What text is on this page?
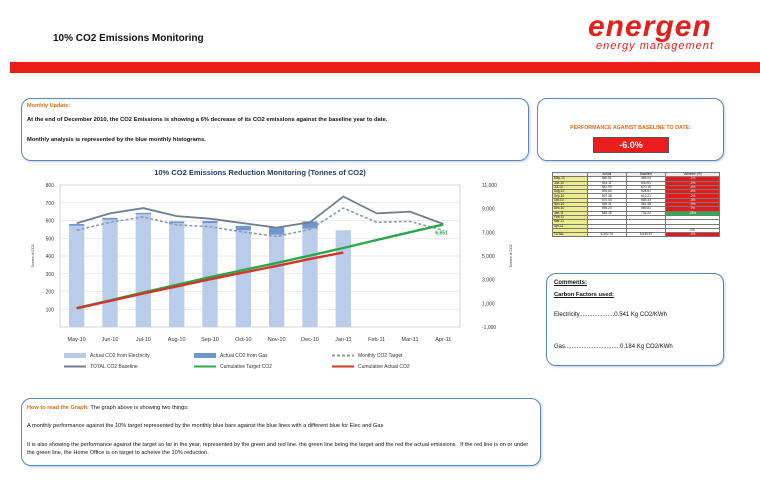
10% CO2 Emissions Monitoring	energen
energy management
Monthly Update:
At the end of December 2010, the CO2 Emissions is showing a 6% decrease of its CO2 emissions against the baseline year to date.
Monthly analysis is represented by the blue monthly histograms.
PERFORMANCE AGAINST BASELINE TO DATE:
-6.0%
10% CO2 Emissions Reduction Monitoring (Tonnes of CO2)
800
700
600
500
400
300
200
100
11,000
9,000
7,000
5,000
3,000
1,000
-1,000
Tonnes of CO2	Tonnes of CO2
May-10	Jun-10	Jul-10	Aug-10	Sep-10	Oct-10	Nov-10	Dec-10	Jan-11	Feb-11	Mar-11	Apr-11
6,651
Actual CO2 from Electricity	Actual CO2 from Gas	Monthly CO2 Target
TOTAL CO2 Baseline	Cumulative Target CO2	Cumulative Actual CO2
	Actual	Baseline	Variance (%)
May-10	580.51	585.04	-1%
Jun-10	614.11	640.51	-4%
Jul-10	642.99	670.16	-4%
Aug-10	594.60	624.81	-5%
Sep-10	597.38	610.21	-2%
Oct-10	570.44	585.33	-3%
Nov-10	559.31	561.48	-0%
Dec-10	594.24	589.81	1%
Jan-11	549.18	733.22	-25%
Feb-11			
Mar-11			
Apr-11			
			0%
TOTAL	5,302.76	5,639.57	-6%
Comments:
Carbon Factors used:
Electricity.....................0.541 Kg CO2/KWh
Gas.................................0.184 Kg CO2/KWh
How to read the Graph: The graph above is showing two things:
A monthly performance against the 10% target represented by the monthly blue bars against the blue lines with a different blue for Elec and Gas
It is also showing the performance against the target so far in the year, represented by the green and red line. the green line being the target and the red the actual emissions . If the red line is on or under the green line, the Home Office is on target to acheive the 10% reduction.
